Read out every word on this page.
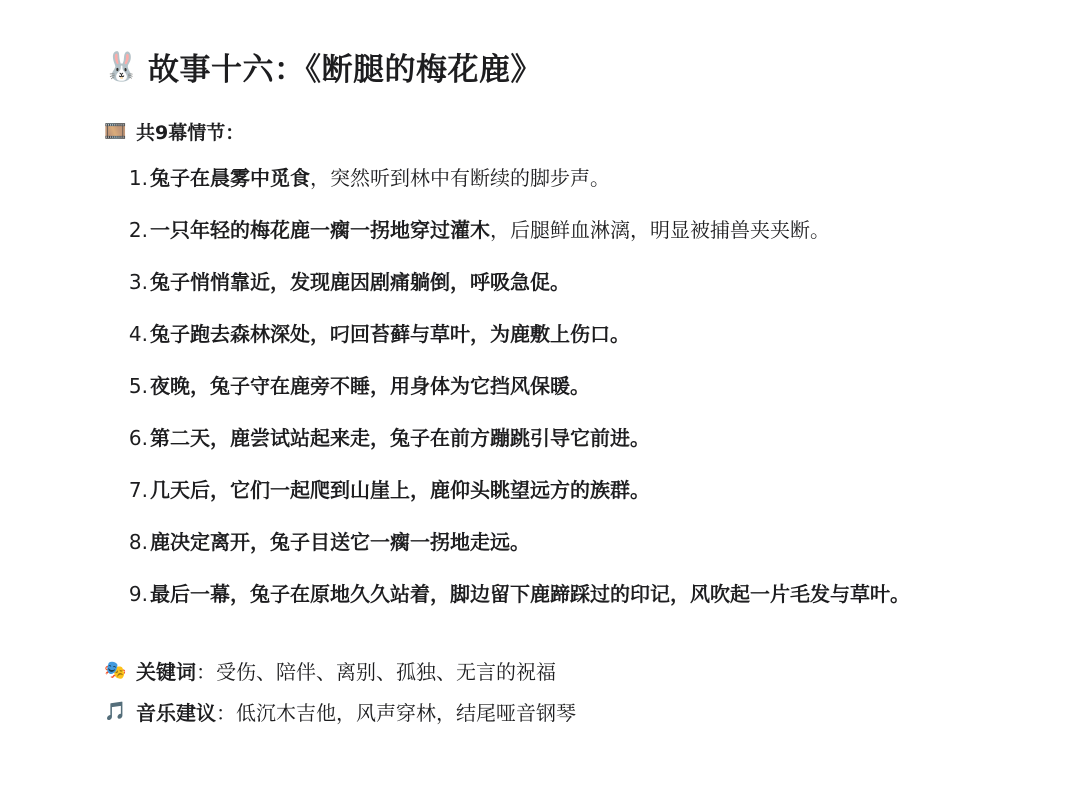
🐰 故事十六：《断腿的梅花鹿》
🎞️ 共9幕情节：
1. 兔子在晨雾中觅食，突然听到林中有断续的脚步声。
2. 一只年轻的梅花鹿一瘸一拐地穿过灌木，后腿鲜血淋漓，明显被捕兽夹夹断。
3. 兔子悄悄靠近，发现鹿因剧痛躺倒，呼吸急促。
4. 兔子跑去森林深处，叼回苔藓与草叶，为鹿敷上伤口。
5. 夜晚，兔子守在鹿旁不睡，用身体为它挡风保暖。
6. 第二天，鹿尝试站起来走，兔子在前方蹦跳引导它前进。
7. 几天后，它们一起爬到山崖上，鹿仰头眺望远方的族群。
8. 鹿决定离开，兔子目送它一瘸一拐地走远。
9. 最后一幕，兔子在原地久久站着，脚边留下鹿蹄踩过的印记，风吹起一片毛发与草叶。
🎭 关键词 ：受伤、陪伴、离别、孤独、无言的祝福
🎵 音乐建议 ：低沉木吉他，风声穿林，结尾哑音钢琴
